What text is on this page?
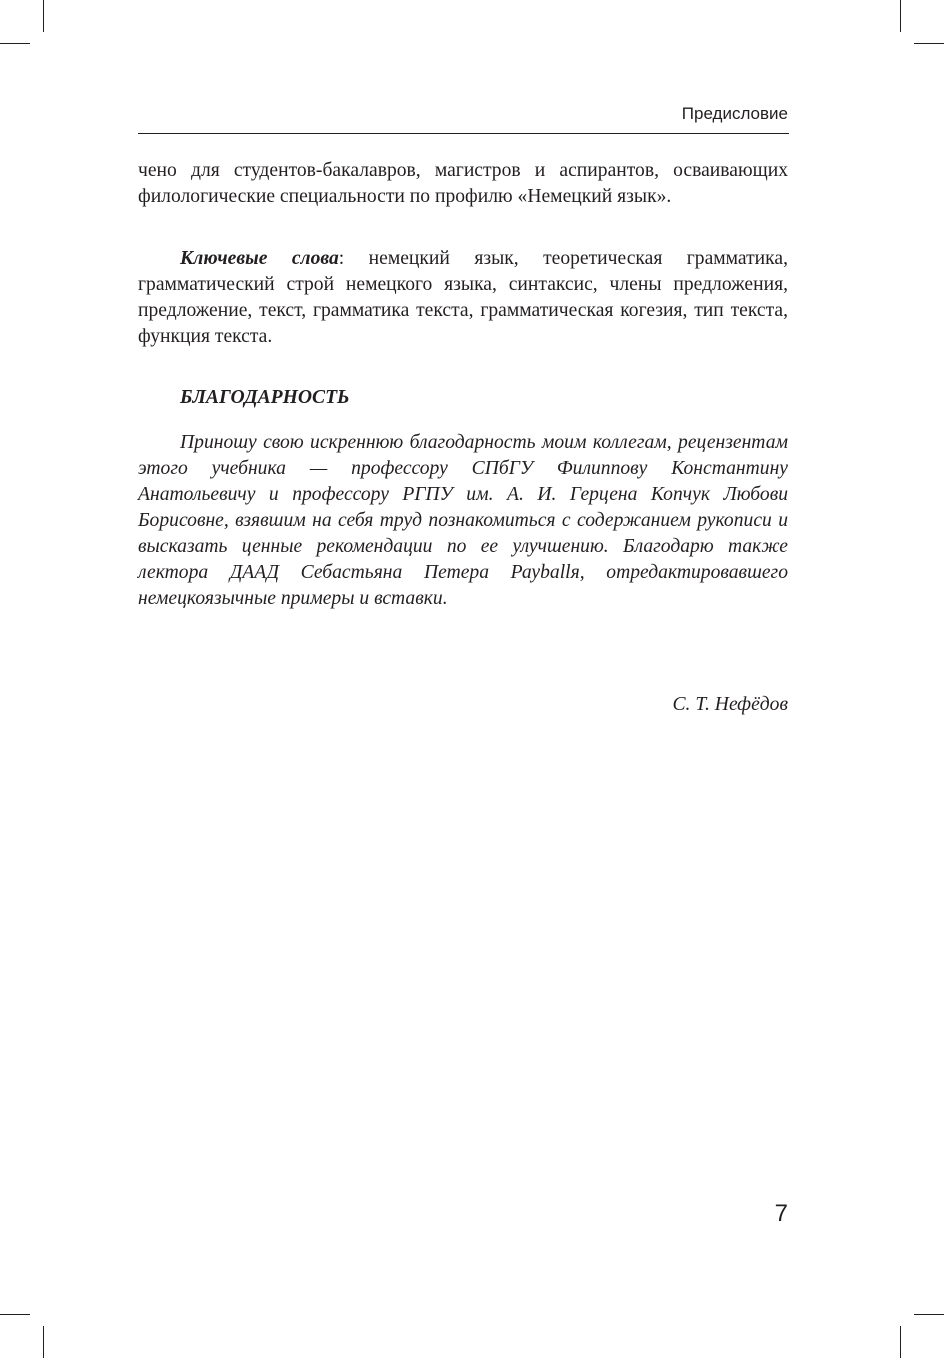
Предисловие

чено для студентов-бакалавров, магистров и аспирантов, осваивающих филологические специальности по профилю «Немецкий язык».

Ключевые слова: немецкий язык, теоретическая грамматика, грамматический строй немецкого языка, синтаксис, члены предложения, предложение, текст, грамматика текста, грамматическая когезия, тип текста, функция текста.

БЛАГОДАРНОСТЬ

Приношу свою искреннюю благодарность моим коллегам, рецензентам этого учебника — профессору СПбГУ Филиппову Константину Анатольевичу и профессору РГПУ им. А. И. Герцена Копчук Любови Борисовне, взявшим на себя труд познакомиться с содержанием рукописи и высказать ценные рекомендации по ее улучшению. Благодарю также лектора ДААД Себастьяна Петера Рауballя, отредактировавшего немецкоязычные примеры и вставки.

С. Т. Нефёдов
7
